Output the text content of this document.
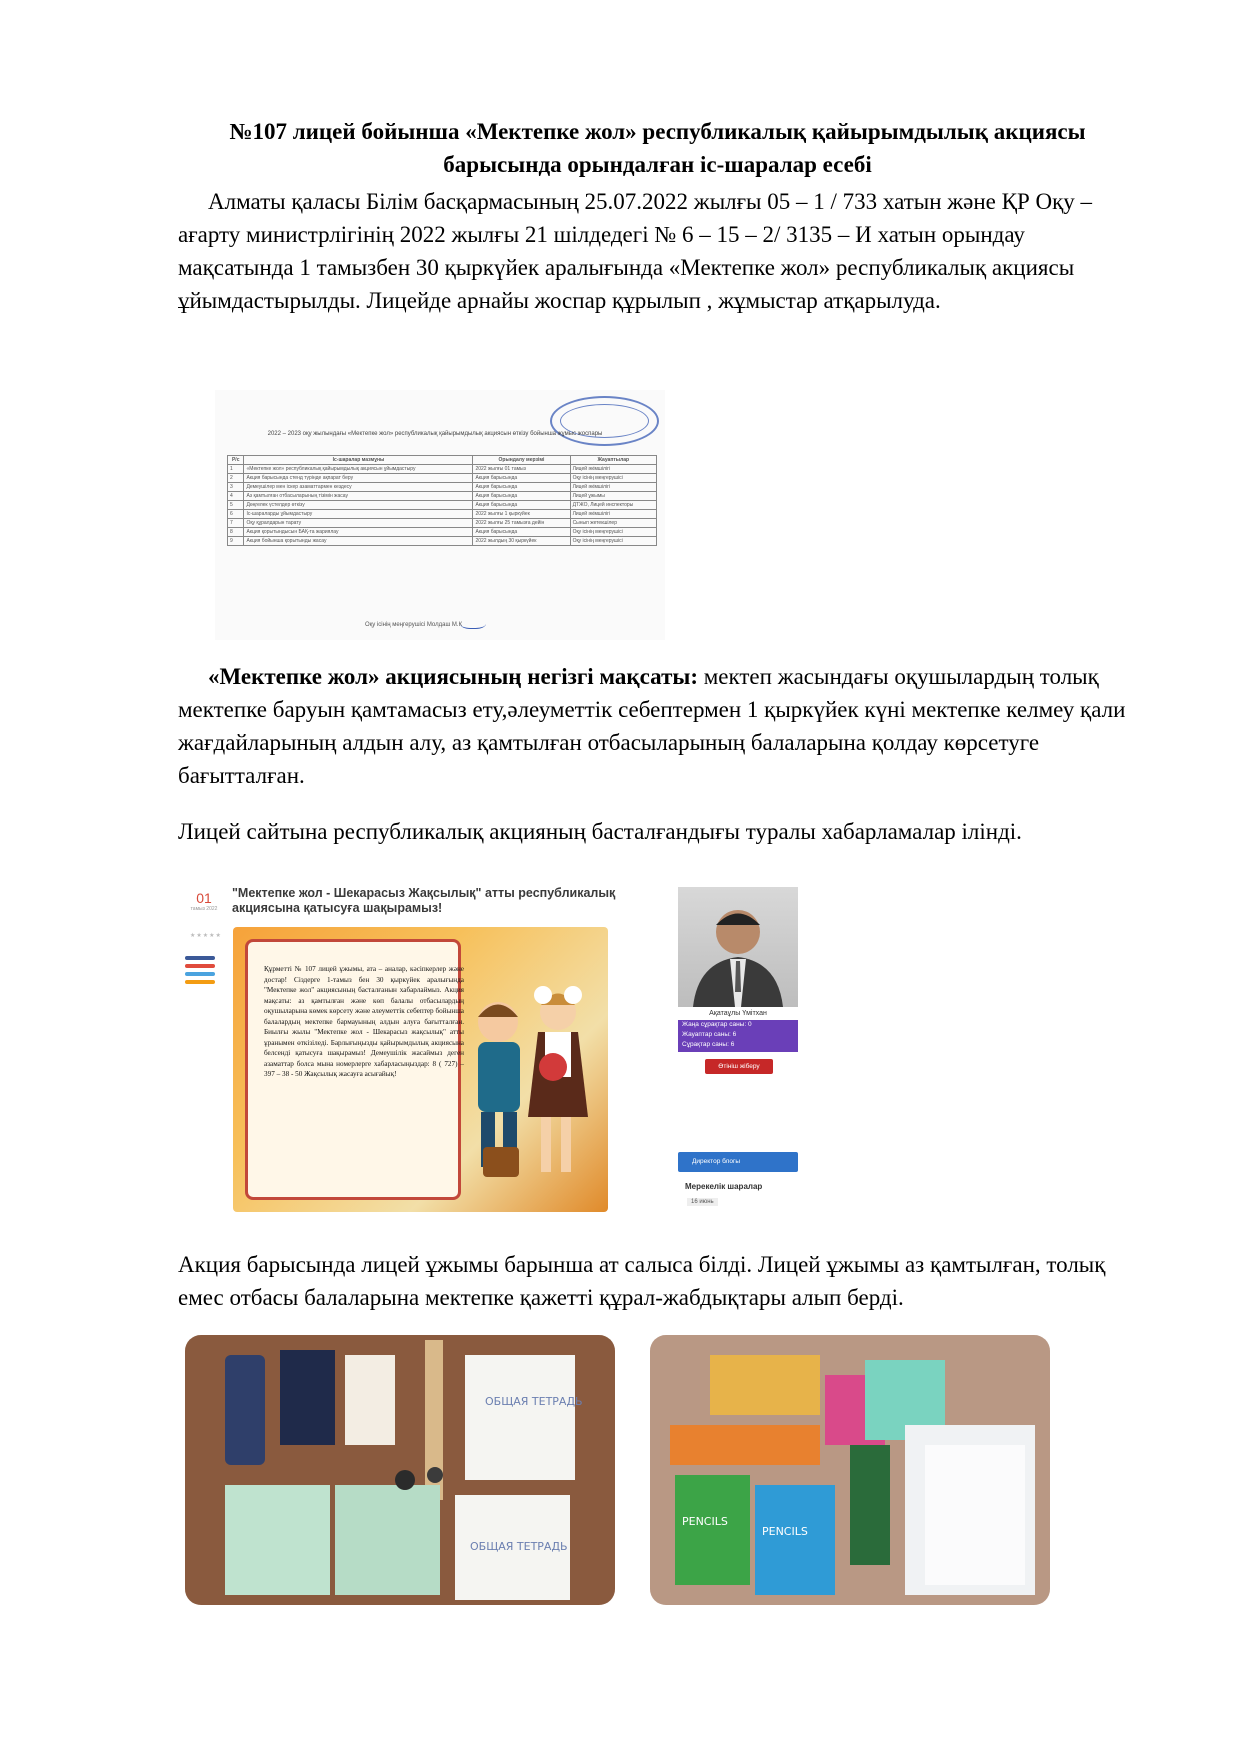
№107 лицей бойынша «Мектепке жол» республикалық қайырымдылық акциясы барысында орындалған іс-шаралар есебі
Алматы қаласы Білім басқармасының 25.07.2022 жылғы 05 – 1 / 733 хатын және ҚР Оқу – ағарту министрлігінің 2022 жылғы 21 шілдедегі № 6 – 15 – 2/ 3135 – И хатын орындау мақсатында 1 тамызбен 30 қыркүйек аралығында «Мектепке жол» республикалық акциясы ұйымдастырылды. Лицейде арнайы жоспар құрылып , жұмыстар атқарылуда.
2022 – 2023 оқу жылындағы «Мектепке жол» республикалық қайырымдылық акциясын өткізу бойынша жұмыс жоспары
Р/с	Іс-шаралар мазмұны	Орындалу мерзімі	Жауаптылар
1	«Мектепке жол» республикалық қайырымдылық акциясын ұйымдастыру	2022 жылғы 01 тамыз	Лицей әкімшілігі
2	Акция барысында стенд түрінде ақпарат беру	Акция барысында	Оқу ісінің меңгерушісі
3	Демеушілер мен іскер азаматтармен кездесу	Акция барысында	Лицей әкімшілігі
4	Аз қамтылған отбасыларының тізімін жасау	Акция барысында	Лицей ұжымы
5	Дөңгелек үстелдер өткізу	Акция барысында	ДТЖО, Лицей инспекторы
6	Іс-шараларды ұйымдастыру	2022 жылғы 1 қыркүйек	Лицей әкімшілігі
7	Оқу құралдарын тарату	2022 жылғы 25 тамызға дейін	Сынып жетекшілер
8	Акция қорытындысын БАҚ-та жариялау	Акция барысында	Оқу ісінің меңгерушісі
9	Акция бойынша қорытынды жасау	2022 жылдың 30 қыркүйек	Оқу ісінің меңгерушісі
Оқу ісінің меңгерушісі Молдаш М.К
«Мектепке жол» акциясының негізгі мақсаты: мектеп жасындағы оқушылардың толық мектепке баруын қамтамасыз ету,әлеуметтік себептермен 1 қыркүйек күні мектепке келмеу қали жағдайларының алдын алу, аз қамтылған отбасыларының балаларына қолдау көрсетуге бағытталған.
Лицей сайтына республикалық акцияның басталғандығы туралы хабарламалар ілінді.
01
тамыз 2022
★★★★★
"Мектепке жол - Шекарасыз Жақсылық" атты республикалық акциясына қатысуға шақырамыз!
Құрметті № 107 лицей ұжымы, ата – аналар, кәсіпкерлер және достар! Сіздерге 1-тамыз бен 30 қыркүйек аралығында "Мектепке жол" акциясының басталғанын хабарлаймыз. Акция мақсаты: аз қамтылған және көп балалы отбасылардың оқушыларына көмек көрсету және әлеуметтік себептер бойынша балалардың мектепке бармауының алдын алуға бағытталған. Биылғы жылы "Мектепке жол - Шекарасыз жақсылық" атты ұранымен өткізіледі. Барлығыңызды қайырымдылық акциясына белсенді қатысуға шақырамыз! Демеушілік жасаймыз деген азаматтар болса мына номерлерге хабарласыңыздар: 8 ( 727) – 397 – 38 - 50 Жақсылық жасауға асығайық!
Ақатаұлы Үмітхан
Жаңа сұрақтар саны: 0
Жауаптар саны: 6
Сұрақтар саны: 6
Өтініш жіберу
Директор блогы
Мерекелік шаралар
16 июнь
Акция барысында лицей ұжымы барынша ат салыса білді. Лицей ұжымы аз қамтылған, толық емес отбасы балаларына мектепке қажетті құрал-жабдықтары алып берді.
ОБЩАЯ ТЕТРАДЬ
ОБЩАЯ ТЕТРАДЬ
PENCILS
PENCILS
